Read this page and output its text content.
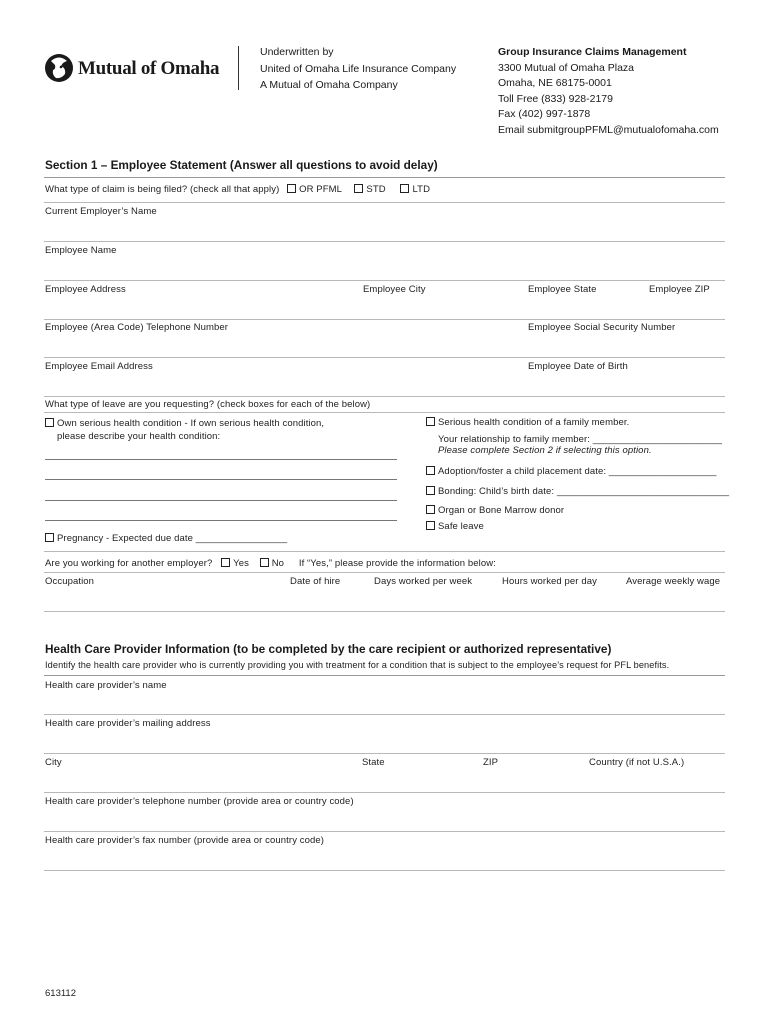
Mutual of Omaha
Underwritten by
United of Omaha Life Insurance Company
A Mutual of Omaha Company
Group Insurance Claims Management
3300 Mutual of Omaha Plaza
Omaha, NE 68175-0001
Toll Free (833) 928-2179
Fax (402) 997-1878
Email submitgroupPFML@mutualofomaha.com
Section 1 – Employee Statement (Answer all questions to avoid delay)
What type of claim is being filed? (check all that apply) OR PFML	STD	LTD
Current Employer’s Name
Employee Name
Employee Address	Employee City	Employee State	Employee ZIP
Employee (Area Code) Telephone Number	Employee Social Security Number
Employee Email Address	Employee Date of Birth
What type of leave are you requesting? (check boxes for each of the below)
Own serious health condition - If own serious health condition,
please describe your health condition:
Pregnancy - Expected due date _________________
Serious health condition of a family member.
Your relationship to family member: ________________________
Please complete Section 2 if selecting this option.
Adoption/foster a child placement date: ____________________
Bonding: Child’s birth date: ________________________________
Organ or Bone Marrow donor
Safe leave
Are you working for another employer? Yes No If “Yes,” please provide the information below:
Occupation	Date of hire	Days worked per week	Hours worked per day	Average weekly wage
Health Care Provider Information (to be completed by the care recipient or authorized representative)
Identify the health care provider who is currently providing you with treatment for a condition that is subject to the employee’s request for PFL benefits.
Health care provider’s name
Health care provider’s mailing address
City	State	ZIP	Country (if not U.S.A.)
Health care provider’s telephone number (provide area or country code)
Health care provider’s fax number (provide area or country code)
613112
